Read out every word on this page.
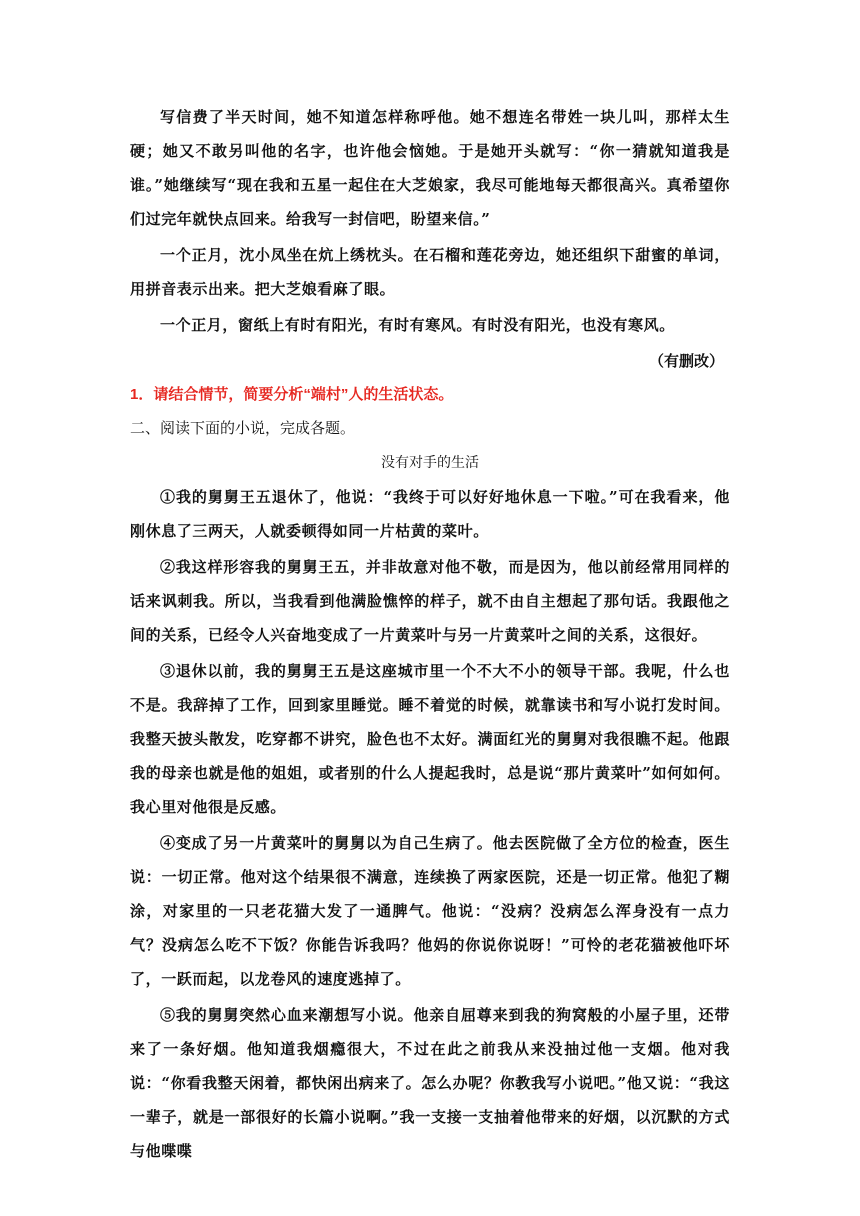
写信费了半天时间，她不知道怎样称呼他。她不想连名带姓一块儿叫，那样太生硬；她又不敢另叫他的名字，也许他会恼她。于是她开头就写：“你一猜就知道我是谁。”她继续写“现在我和五星一起住在大芝娘家，我尽可能地每天都很高兴。真希望你们过完年就快点回来。给我写一封信吧，盼望来信。”

一个正月，沈小凤坐在炕上绣枕头。在石榴和莲花旁边，她还组织下甜蜜的单词，用拼音表示出来。把大芝娘看麻了眼。

一个正月，窗纸上有时有阳光，有时有寒风。有时没有阳光，也没有寒风。

（有删改）

1．请结合情节，简要分析“端村”人的生活状态。

二、阅读下面的小说，完成各题。

没有对手的生活

①我的舅舅王五退休了，他说：“我终于可以好好地休息一下啦。”可在我看来，他刚休息了三两天，人就委顿得如同一片枯黄的菜叶。

②我这样形容我的舅舅王五，并非故意对他不敬，而是因为，他以前经常用同样的话来讽刺我。所以，当我看到他满脸憔悴的样子，就不由自主想起了那句话。我跟他之间的关系，已经令人兴奋地变成了一片黄菜叶与另一片黄菜叶之间的关系，这很好。

③退休以前，我的舅舅王五是这座城市里一个不大不小的领导干部。我呢，什么也不是。我辞掉了工作，回到家里睡觉。睡不着觉的时候，就靠读书和写小说打发时间。我整天披头散发，吃穿都不讲究，脸色也不太好。满面红光的舅舅对我很瞧不起。他跟我的母亲也就是他的姐姐，或者别的什么人提起我时，总是说“那片黄菜叶”如何如何。我心里对他很是反感。

④变成了另一片黄菜叶的舅舅以为自己生病了。他去医院做了全方位的检查，医生说：一切正常。他对这个结果很不满意，连续换了两家医院，还是一切正常。他犯了糊涂，对家里的一只老花猫大发了一通脾气。他说：“没病？没病怎么浑身没有一点力气？没病怎么吃不下饭？你能告诉我吗？他妈的你说你说呀！”可怜的老花猫被他吓坏了，一跃而起，以龙卷风的速度逃掉了。

⑤我的舅舅突然心血来潮想写小说。他亲自屈尊来到我的狗窝般的小屋子里，还带来了一条好烟。他知道我烟瘾很大，不过在此之前我从来没抽过他一支烟。他对我说：“你看我整天闲着，都快闲出病来了。怎么办呢？你教我写小说吧。”他又说：“我这一辈子，就是一部很好的长篇小说啊。”我一支接一支抽着他带来的好烟，以沉默的方式与他喋喋
